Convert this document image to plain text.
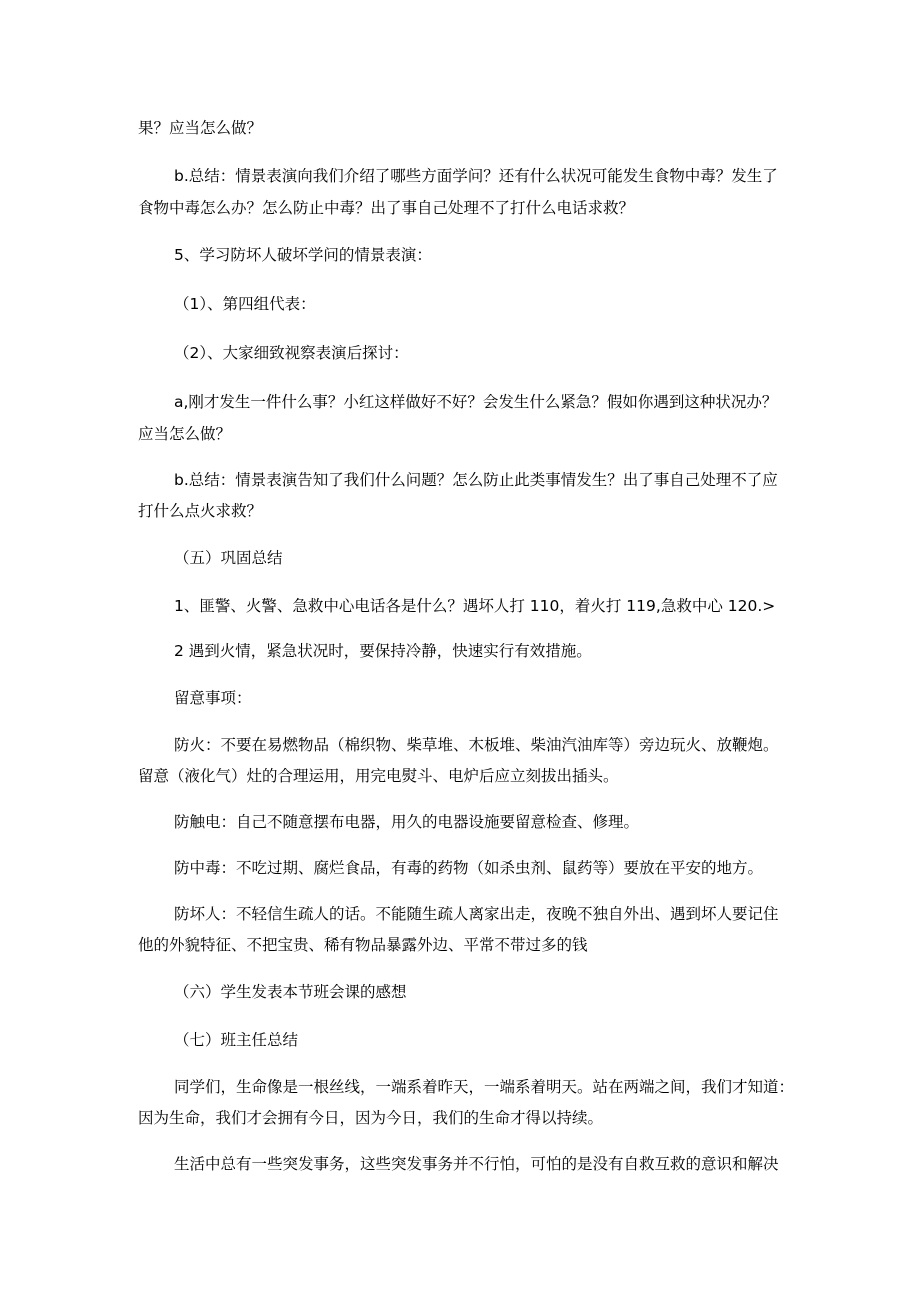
果？应当怎么做？
b.总结：情景表演向我们介绍了哪些方面学问？还有什么状况可能发生食物中毒？发生了
食物中毒怎么办？怎么防止中毒？出了事自己处理不了打什么电话求救？
5、学习防坏人破坏学问的情景表演：
（1）、第四组代表：
（2）、大家细致视察表演后探讨：
a,刚才发生一件什么事？小红这样做好不好？会发生什么紧急？假如你遇到这种状况办？
应当怎么做？
b.总结：情景表演告知了我们什么问题？怎么防止此类事情发生？出了事自己处理不了应
打什么点火求救？
（五）巩固总结
1、匪警、火警、急救中心电话各是什么？遇坏人打 110，着火打 119,急救中心 120.>
2 遇到火情，紧急状况时，要保持冷静，快速实行有效措施。
留意事项：
防火：不要在易燃物品（棉织物、柴草堆、木板堆、柴油汽油库等）旁边玩火、放鞭炮。
留意（液化气）灶的合理运用，用完电熨斗、电炉后应立刻拔出插头。
防触电：自己不随意摆布电器，用久的电器设施要留意检查、修理。
防中毒：不吃过期、腐烂食品，有毒的药物（如杀虫剂、鼠药等）要放在平安的地方。
防坏人：不轻信生疏人的话。不能随生疏人离家出走，夜晚不独自外出、遇到坏人要记住
他的外貌特征、不把宝贵、稀有物品暴露外边、平常不带过多的钱
（六）学生发表本节班会课的感想
（七）班主任总结
同学们，生命像是一根丝线，一端系着昨天，一端系着明天。站在两端之间，我们才知道：
因为生命，我们才会拥有今日，因为今日，我们的生命才得以持续。
生活中总有一些突发事务，这些突发事务并不行怕，可怕的是没有自救互救的意识和解决
